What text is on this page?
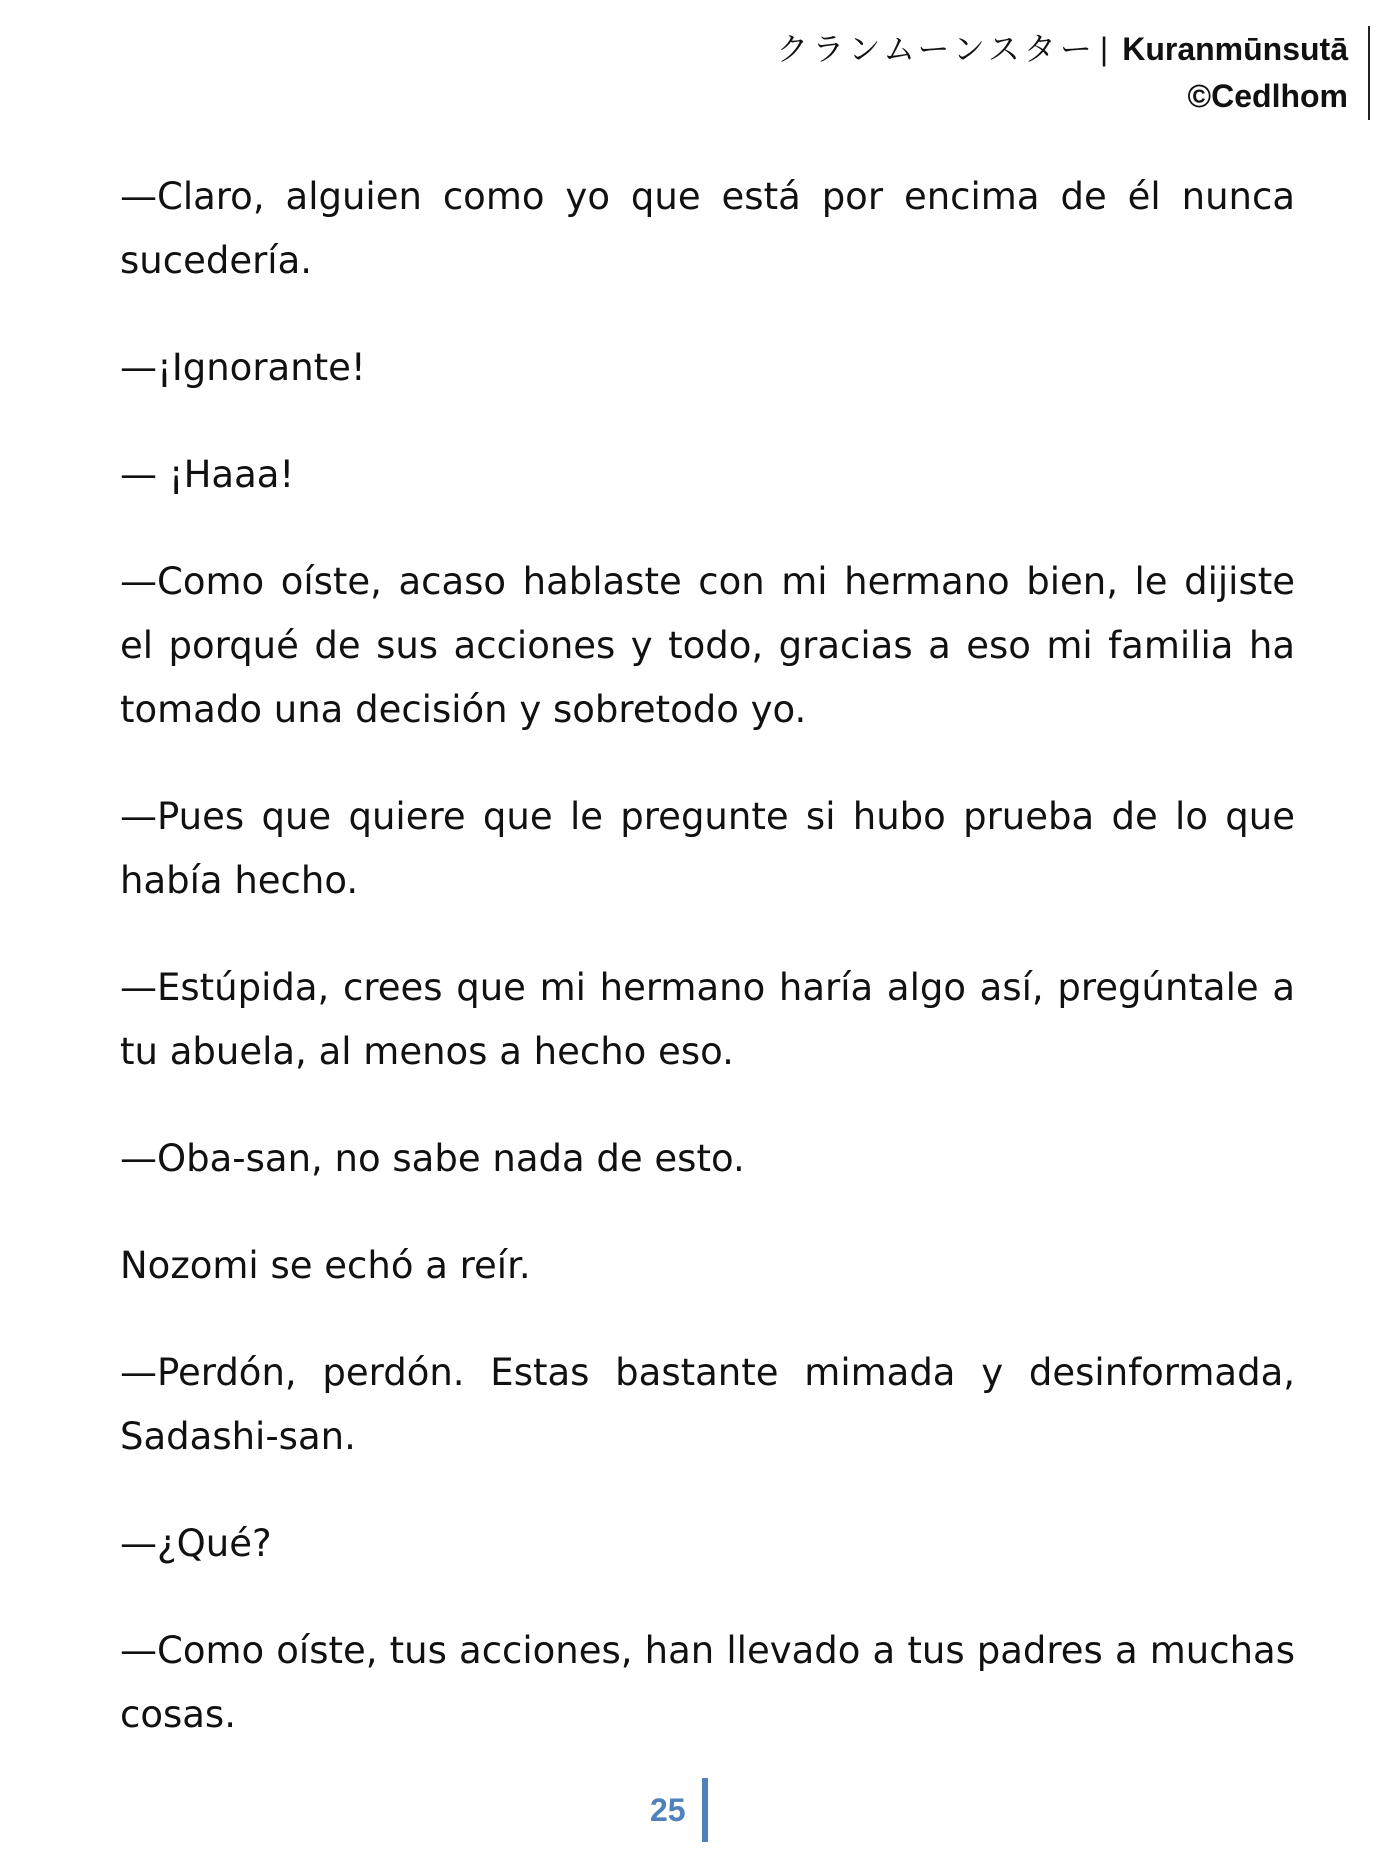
クランムーンスター | Kuranmūnsutā
©Cedlhom

—Claro, alguien como yo que está por encima de él nunca sucedería.

—¡Ignorante!

— ¡Haaa!

—Como oíste, acaso hablaste con mi hermano bien, le dijiste el porqué de sus acciones y todo, gracias a eso mi familia ha tomado una decisión y sobretodo yo.

—Pues que quiere que le pregunte si hubo prueba de lo que había hecho.

—Estúpida, crees que mi hermano haría algo así, pregúntale a tu abuela, al menos a hecho eso.

—Oba-san, no sabe nada de esto.

Nozomi se echó a reír.

—Perdón, perdón. Estas bastante mimada y desinformada, Sadashi-san.

—¿Qué?

—Como oíste, tus acciones, han llevado a tus padres a muchas cosas.

25
